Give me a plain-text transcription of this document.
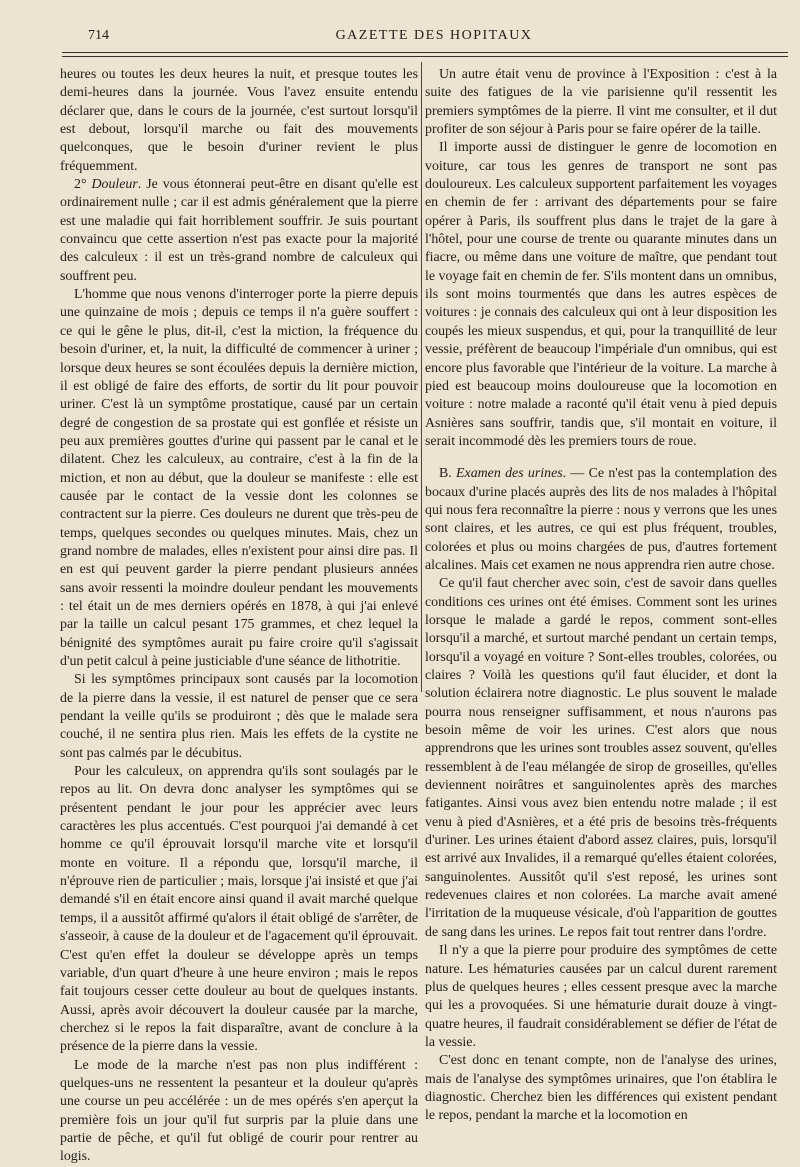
714	GAZETTE DES HOPITAUX

heures ou toutes les deux heures la nuit, et presque toutes les demi-heures dans la journée. Vous l'avez ensuite entendu déclarer que, dans le cours de la journée, c'est surtout lorsqu'il est debout, lorsqu'il marche ou fait des mouvements quelconques, que le besoin d'uriner revient le plus fréquemment.

2° Douleur. Je vous étonnerai peut-être en disant qu'elle est ordinairement nulle ; car il est admis généralement que la pierre est une maladie qui fait horriblement souffrir. Je suis pourtant convaincu que cette assertion n'est pas exacte pour la majorité des calculeux : il est un très-grand nombre de calculeux qui souffrent peu.

L'homme que nous venons d'interroger porte la pierre depuis une quinzaine de mois ; depuis ce temps il n'a guère souffert : ce qui le gêne le plus, dit-il, c'est la miction, la fréquence du besoin d'uriner, et, la nuit, la difficulté de commencer à uriner ; lorsque deux heures se sont écoulées depuis la dernière miction, il est obligé de faire des efforts, de sortir du lit pour pouvoir uriner. C'est là un symptôme prostatique, causé par un certain degré de congestion de sa prostate qui est gonflée et résiste un peu aux premières gouttes d'urine qui passent par le canal et le dilatent. Chez les calculeux, au contraire, c'est à la fin de la miction, et non au début, que la douleur se manifeste : elle est causée par le contact de la vessie dont les colonnes se contractent sur la pierre. Ces douleurs ne durent que très-peu de temps, quelques secondes ou quelques minutes. Mais, chez un grand nombre de malades, elles n'existent pour ainsi dire pas. Il en est qui peuvent garder la pierre pendant plusieurs années sans avoir ressenti la moindre douleur pendant les mouvements : tel était un de mes derniers opérés en 1878, à qui j'ai enlevé par la taille un calcul pesant 175 grammes, et chez lequel la bénignité des symptômes aurait pu faire croire qu'il s'agissait d'un petit calcul à peine justiciable d'une séance de lithotritie.

Si les symptômes principaux sont causés par la locomotion de la pierre dans la vessie, il est naturel de penser que ce sera pendant la veille qu'ils se produiront ; dès que le malade sera couché, il ne sentira plus rien. Mais les effets de la cystite ne sont pas calmés par le décubitus.

Pour les calculeux, on apprendra qu'ils sont soulagés par le repos au lit. On devra donc analyser les symptômes qui se présentent pendant le jour pour les apprécier avec leurs caractères les plus accentués. C'est pourquoi j'ai demandé à cet homme ce qu'il éprouvait lorsqu'il marche vite et lorsqu'il monte en voiture. Il a répondu que, lorsqu'il marche, il n'éprouve rien de particulier ; mais, lorsque j'ai insisté et que j'ai demandé s'il en était encore ainsi quand il avait marché quelque temps, il a aussitôt affirmé qu'alors il était obligé de s'arrêter, de s'asseoir, à cause de la douleur et de l'agacement qu'il éprouvait. C'est qu'en effet la douleur se développe après un temps variable, d'un quart d'heure à une heure environ ; mais le repos fait toujours cesser cette douleur au bout de quelques instants. Aussi, après avoir découvert la douleur causée par la marche, cherchez si le repos la fait disparaître, avant de conclure à la présence de la pierre dans la vessie.

Le mode de la marche n'est pas non plus indifférent : quelques-uns ne ressentent la pesanteur et la douleur qu'après une course un peu accélérée : un de mes opérés s'en aperçut la première fois un jour qu'il fut surpris par la pluie dans une partie de pêche, et qu'il fut obligé de courir pour rentrer au logis.

Un autre était venu de province à l'Exposition : c'est à la suite des fatigues de la vie parisienne qu'il ressentit les premiers symptômes de la pierre. Il vint me consulter, et il dut profiter de son séjour à Paris pour se faire opérer de la taille.

Il importe aussi de distinguer le genre de locomotion en voiture, car tous les genres de transport ne sont pas douloureux. Les calculeux supportent parfaitement les voyages en chemin de fer : arrivant des départements pour se faire opérer à Paris, ils souffrent plus dans le trajet de la gare à l'hôtel, pour une course de trente ou quarante minutes dans un fiacre, ou même dans une voiture de maître, que pendant tout le voyage fait en chemin de fer. S'ils montent dans un omnibus, ils sont moins tourmentés que dans les autres espèces de voitures : je connais des calculeux qui ont à leur disposition les coupés les mieux suspendus, et qui, pour la tranquillité de leur vessie, préfèrent de beaucoup l'impériale d'un omnibus, qui est encore plus favorable que l'intérieur de la voiture. La marche à pied est beaucoup moins douloureuse que la locomotion en voiture : notre malade a raconté qu'il était venu à pied depuis Asnières sans souffrir, tandis que, s'il montait en voiture, il serait incommodé dès les premiers tours de roue.

B. Examen des urines. — Ce n'est pas la contemplation des bocaux d'urine placés auprès des lits de nos malades à l'hôpital qui nous fera reconnaître la pierre : nous y verrons que les unes sont claires, et les autres, ce qui est plus fréquent, troubles, colorées et plus ou moins chargées de pus, d'autres fortement alcalines. Mais cet examen ne nous apprendra rien autre chose.

Ce qu'il faut chercher avec soin, c'est de savoir dans quelles conditions ces urines ont été émises. Comment sont les urines lorsque le malade a gardé le repos, comment sont-elles lorsqu'il a marché, et surtout marché pendant un certain temps, lorsqu'il a voyagé en voiture ? Sont-elles troubles, colorées, ou claires ? Voilà les questions qu'il faut élucider, et dont la solution éclairera notre diagnostic. Le plus souvent le malade pourra nous renseigner suffisamment, et nous n'aurons pas besoin même de voir les urines. C'est alors que nous apprendrons que les urines sont troubles assez souvent, qu'elles ressemblent à de l'eau mélangée de sirop de groseilles, qu'elles deviennent noirâtres et sanguinolentes après des marches fatigantes. Ainsi vous avez bien entendu notre malade ; il est venu à pied d'Asnières, et a été pris de besoins très-fréquents d'uriner. Les urines étaient d'abord assez claires, puis, lorsqu'il est arrivé aux Invalides, il a remarqué qu'elles étaient colorées, sanguinolentes. Aussitôt qu'il s'est reposé, les urines sont redevenues claires et non colorées. La marche avait amené l'irritation de la muqueuse vésicale, d'où l'apparition de gouttes de sang dans les urines. Le repos fait tout rentrer dans l'ordre.

Il n'y a que la pierre pour produire des symptômes de cette nature. Les hématuries causées par un calcul durent rarement plus de quelques heures ; elles cessent presque avec la marche qui les a provoquées. Si une hématurie durait douze à vingt-quatre heures, il faudrait considérablement se défier de l'état de la vessie.

C'est donc en tenant compte, non de l'analyse des urines, mais de l'analyse des symptômes urinaires, que l'on établira le diagnostic. Cherchez bien les différences qui existent pendant le repos, pendant la marche et la locomotion en
